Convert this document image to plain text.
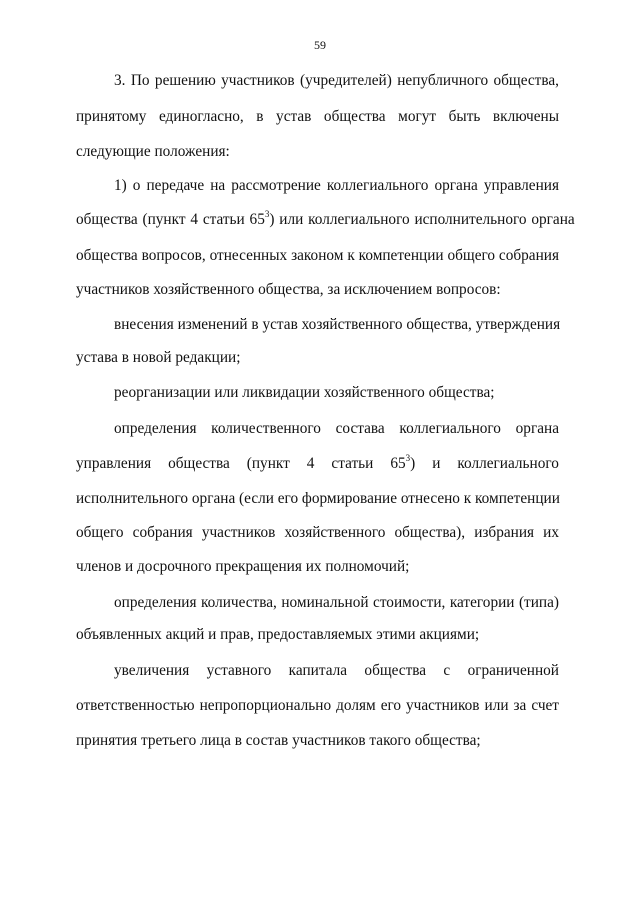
59
3. По решению участников (учредителей) непубличного общества,
принятому единогласно, в устав общества могут быть включены
следующие положения:
1) о передаче на рассмотрение коллегиального органа управления
общества (пункт 4 статьи $65^3$) или коллегиального исполнительного органа
общества вопросов, отнесенных законом к компетенции общего собрания
участников хозяйственного общества, за исключением вопросов:
внесения изменений в устав хозяйственного общества, утверждения
устава в новой редакции;
реорганизации или ликвидации хозяйственного общества;
определения количественного состава коллегиального органа
управления общества (пункт 4 статьи $65^3$) и коллегиального
исполнительного органа (если его формирование отнесено к компетенции
общего собрания участников хозяйственного общества), избрания их
членов и досрочного прекращения их полномочий;
определения количества, номинальной стоимости, категории (типа)
объявленных акций и прав, предоставляемых этими акциями;
увеличения уставного капитала общества с ограниченной
ответственностью непропорционально долям его участников или за счет
принятия третьего лица в состав участников такого общества;
